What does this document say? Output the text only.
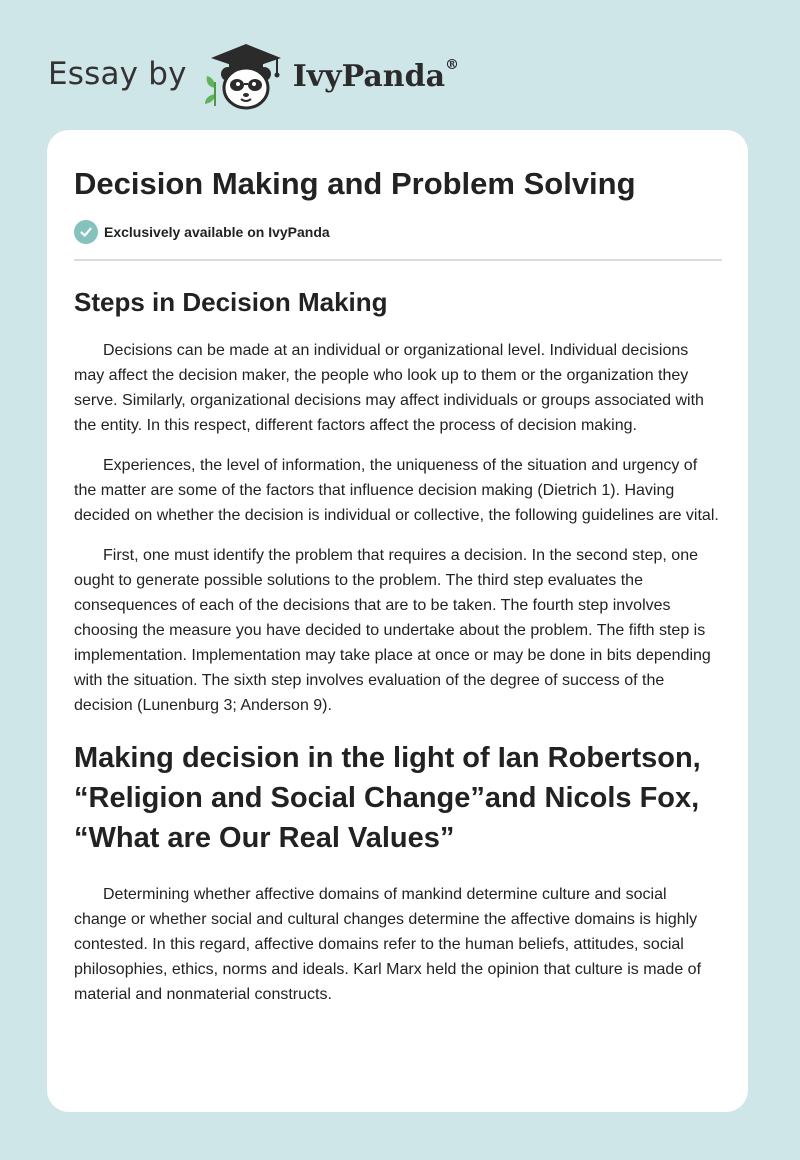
Essay by	IvyPanda®
Decision Making and Problem Solving
Exclusively available on IvyPanda
Steps in Decision Making

Decisions can be made at an individual or organizational level. Individual decisions may affect the decision maker, the people who look up to them or the organization they serve. Similarly, organizational decisions may affect individuals or groups associated with the entity. In this respect, different factors affect the process of decision making.

Experiences, the level of information, the uniqueness of the situation and urgency of the matter are some of the factors that influence decision making (Dietrich 1). Having decided on whether the decision is individual or collective, the following guidelines are vital.

First, one must identify the problem that requires a decision. In the second step, one ought to generate possible solutions to the problem. The third step evaluates the consequences of each of the decisions that are to be taken. The fourth step involves choosing the measure you have decided to undertake about the problem. The fifth step is implementation. Implementation may take place at once or may be done in bits depending with the situation. The sixth step involves evaluation of the degree of success of the decision (Lunenburg 3; Anderson 9).

Making decision in the light of Ian Robertson, “Religion and Social Change”and Nicols Fox, “What are Our Real Values”

Determining whether affective domains of mankind determine culture and social change or whether social and cultural changes determine the affective domains is highly contested. In this regard, affective domains refer to the human beliefs, attitudes, social philosophies, ethics, norms and ideals. Karl Marx held the opinion that culture is made of material and nonmaterial constructs.
